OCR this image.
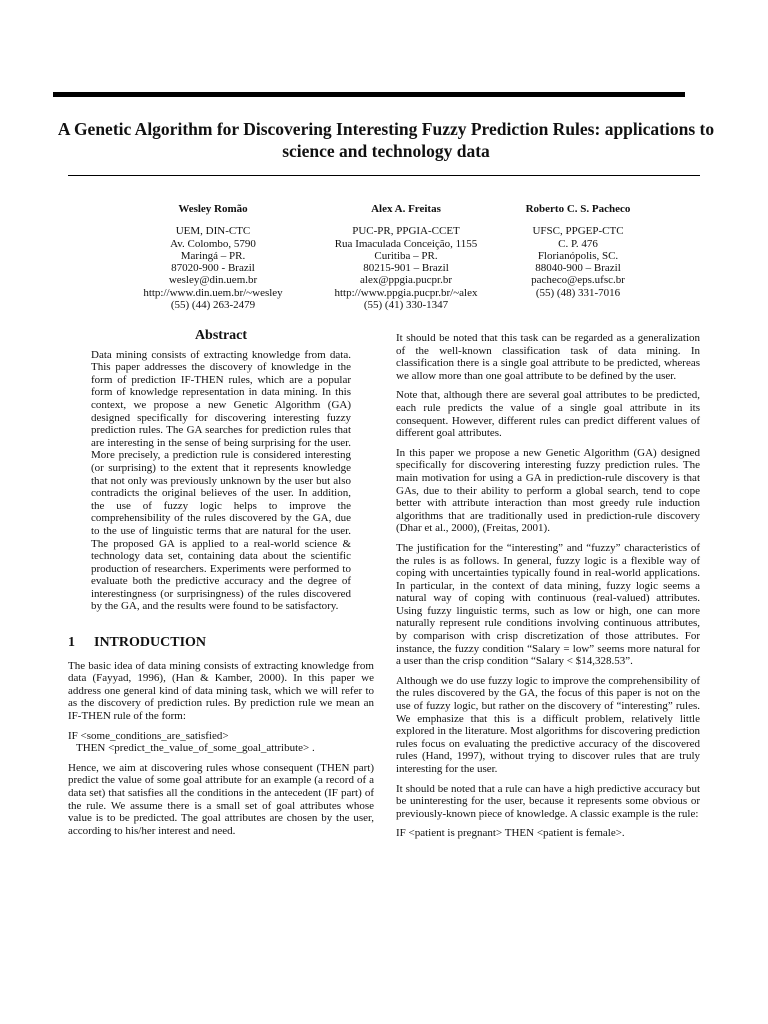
A Genetic Algorithm for Discovering Interesting Fuzzy Prediction Rules: applications to science and technology data
Wesley Romão
UEM, DIN-CTC
Av. Colombo, 5790
Maringá – PR.
87020-900 - Brazil
wesley@din.uem.br
http://www.din.uem.br/~wesley
(55) (44) 263-2479
Alex A. Freitas
PUC-PR, PPGIA-CCET
Rua Imaculada Conceição, 1155
Curitiba – PR.
80215-901 – Brazil
alex@ppgia.pucpr.br
http://www.ppgia.pucpr.br/~alex
(55) (41) 330-1347
Roberto C. S. Pacheco
UFSC, PPGEP-CTC
C. P. 476
Florianópolis, SC.
88040-900 – Brazil
pacheco@eps.ufsc.br
(55) (48) 331-7016
Abstract

Data mining consists of extracting knowledge from data. This paper addresses the discovery of knowledge in the form of prediction IF-THEN rules, which are a popular form of knowledge representation in data mining. In this context, we propose a new Genetic Algorithm (GA) designed specifically for discovering interesting fuzzy prediction rules. The GA searches for prediction rules that are interesting in the sense of being surprising for the user. More precisely, a prediction rule is considered interesting (or surprising) to the extent that it represents knowledge that not only was previously unknown by the user but also contradicts the original believes of the user. In addition, the use of fuzzy logic helps to improve the comprehensibility of the rules discovered by the GA, due to the use of linguistic terms that are natural for the user. The proposed GA is applied to a real-world science & technology data set, containing data about the scientific production of researchers. Experiments were performed to evaluate both the predictive accuracy and the degree of interestingness (or surprisingness) of the rules discovered by the GA, and the results were found to be satisfactory.

1 INTRODUCTION

The basic idea of data mining consists of extracting knowledge from data (Fayyad, 1996), (Han & Kamber, 2000). In this paper we address one general kind of data mining task, which we will refer to as the discovery of prediction rules. By prediction rule we mean an IF-THEN rule of the form:

IF <some_conditions_are_satisfied>

THEN <predict_the_value_of_some_goal_attribute> .

Hence, we aim at discovering rules whose consequent (THEN part) predict the value of some goal attribute for an example (a record of a data set) that satisfies all the conditions in the antecedent (IF part) of the rule. We assume there is a small set of goal attributes whose value is to be predicted. The goal attributes are chosen by the user, according to his/her interest and need.

It should be noted that this task can be regarded as a generalization of the well-known classification task of data mining. In classification there is a single goal attribute to be predicted, whereas we allow more than one goal attribute to be defined by the user.

Note that, although there are several goal attributes to be predicted, each rule predicts the value of a single goal attribute in its consequent. However, different rules can predict different values of different goal attributes.

In this paper we propose a new Genetic Algorithm (GA) designed specifically for discovering interesting fuzzy prediction rules. The main motivation for using a GA in prediction-rule discovery is that GAs, due to their ability to perform a global search, tend to cope better with attribute interaction than most greedy rule induction algorithms that are traditionally used in prediction-rule discovery (Dhar et al., 2000), (Freitas, 2001).

The justification for the “interesting” and “fuzzy” characteristics of the rules is as follows. In general, fuzzy logic is a flexible way of coping with uncertainties typically found in real-world applications. In particular, in the context of data mining, fuzzy logic seems a natural way of coping with continuous (real-valued) attributes. Using fuzzy linguistic terms, such as low or high, one can more naturally represent rule conditions involving continuous attributes, by comparison with crisp discretization of those attributes. For instance, the fuzzy condition “Salary = low” seems more natural for a user than the crisp condition “Salary < $14,328.53”.

Although we do use fuzzy logic to improve the comprehensibility of the rules discovered by the GA, the focus of this paper is not on the use of fuzzy logic, but rather on the discovery of “interesting” rules. We emphasize that this is a difficult problem, relatively little explored in the literature. Most algorithms for discovering prediction rules focus on evaluating the predictive accuracy of the discovered rules (Hand, 1997), without trying to discover rules that are truly interesting for the user.

It should be noted that a rule can have a high predictive accuracy but be uninteresting for the user, because it represents some obvious or previously-known piece of knowledge. A classic example is the rule:

IF <patient is pregnant> THEN <patient is female>.
